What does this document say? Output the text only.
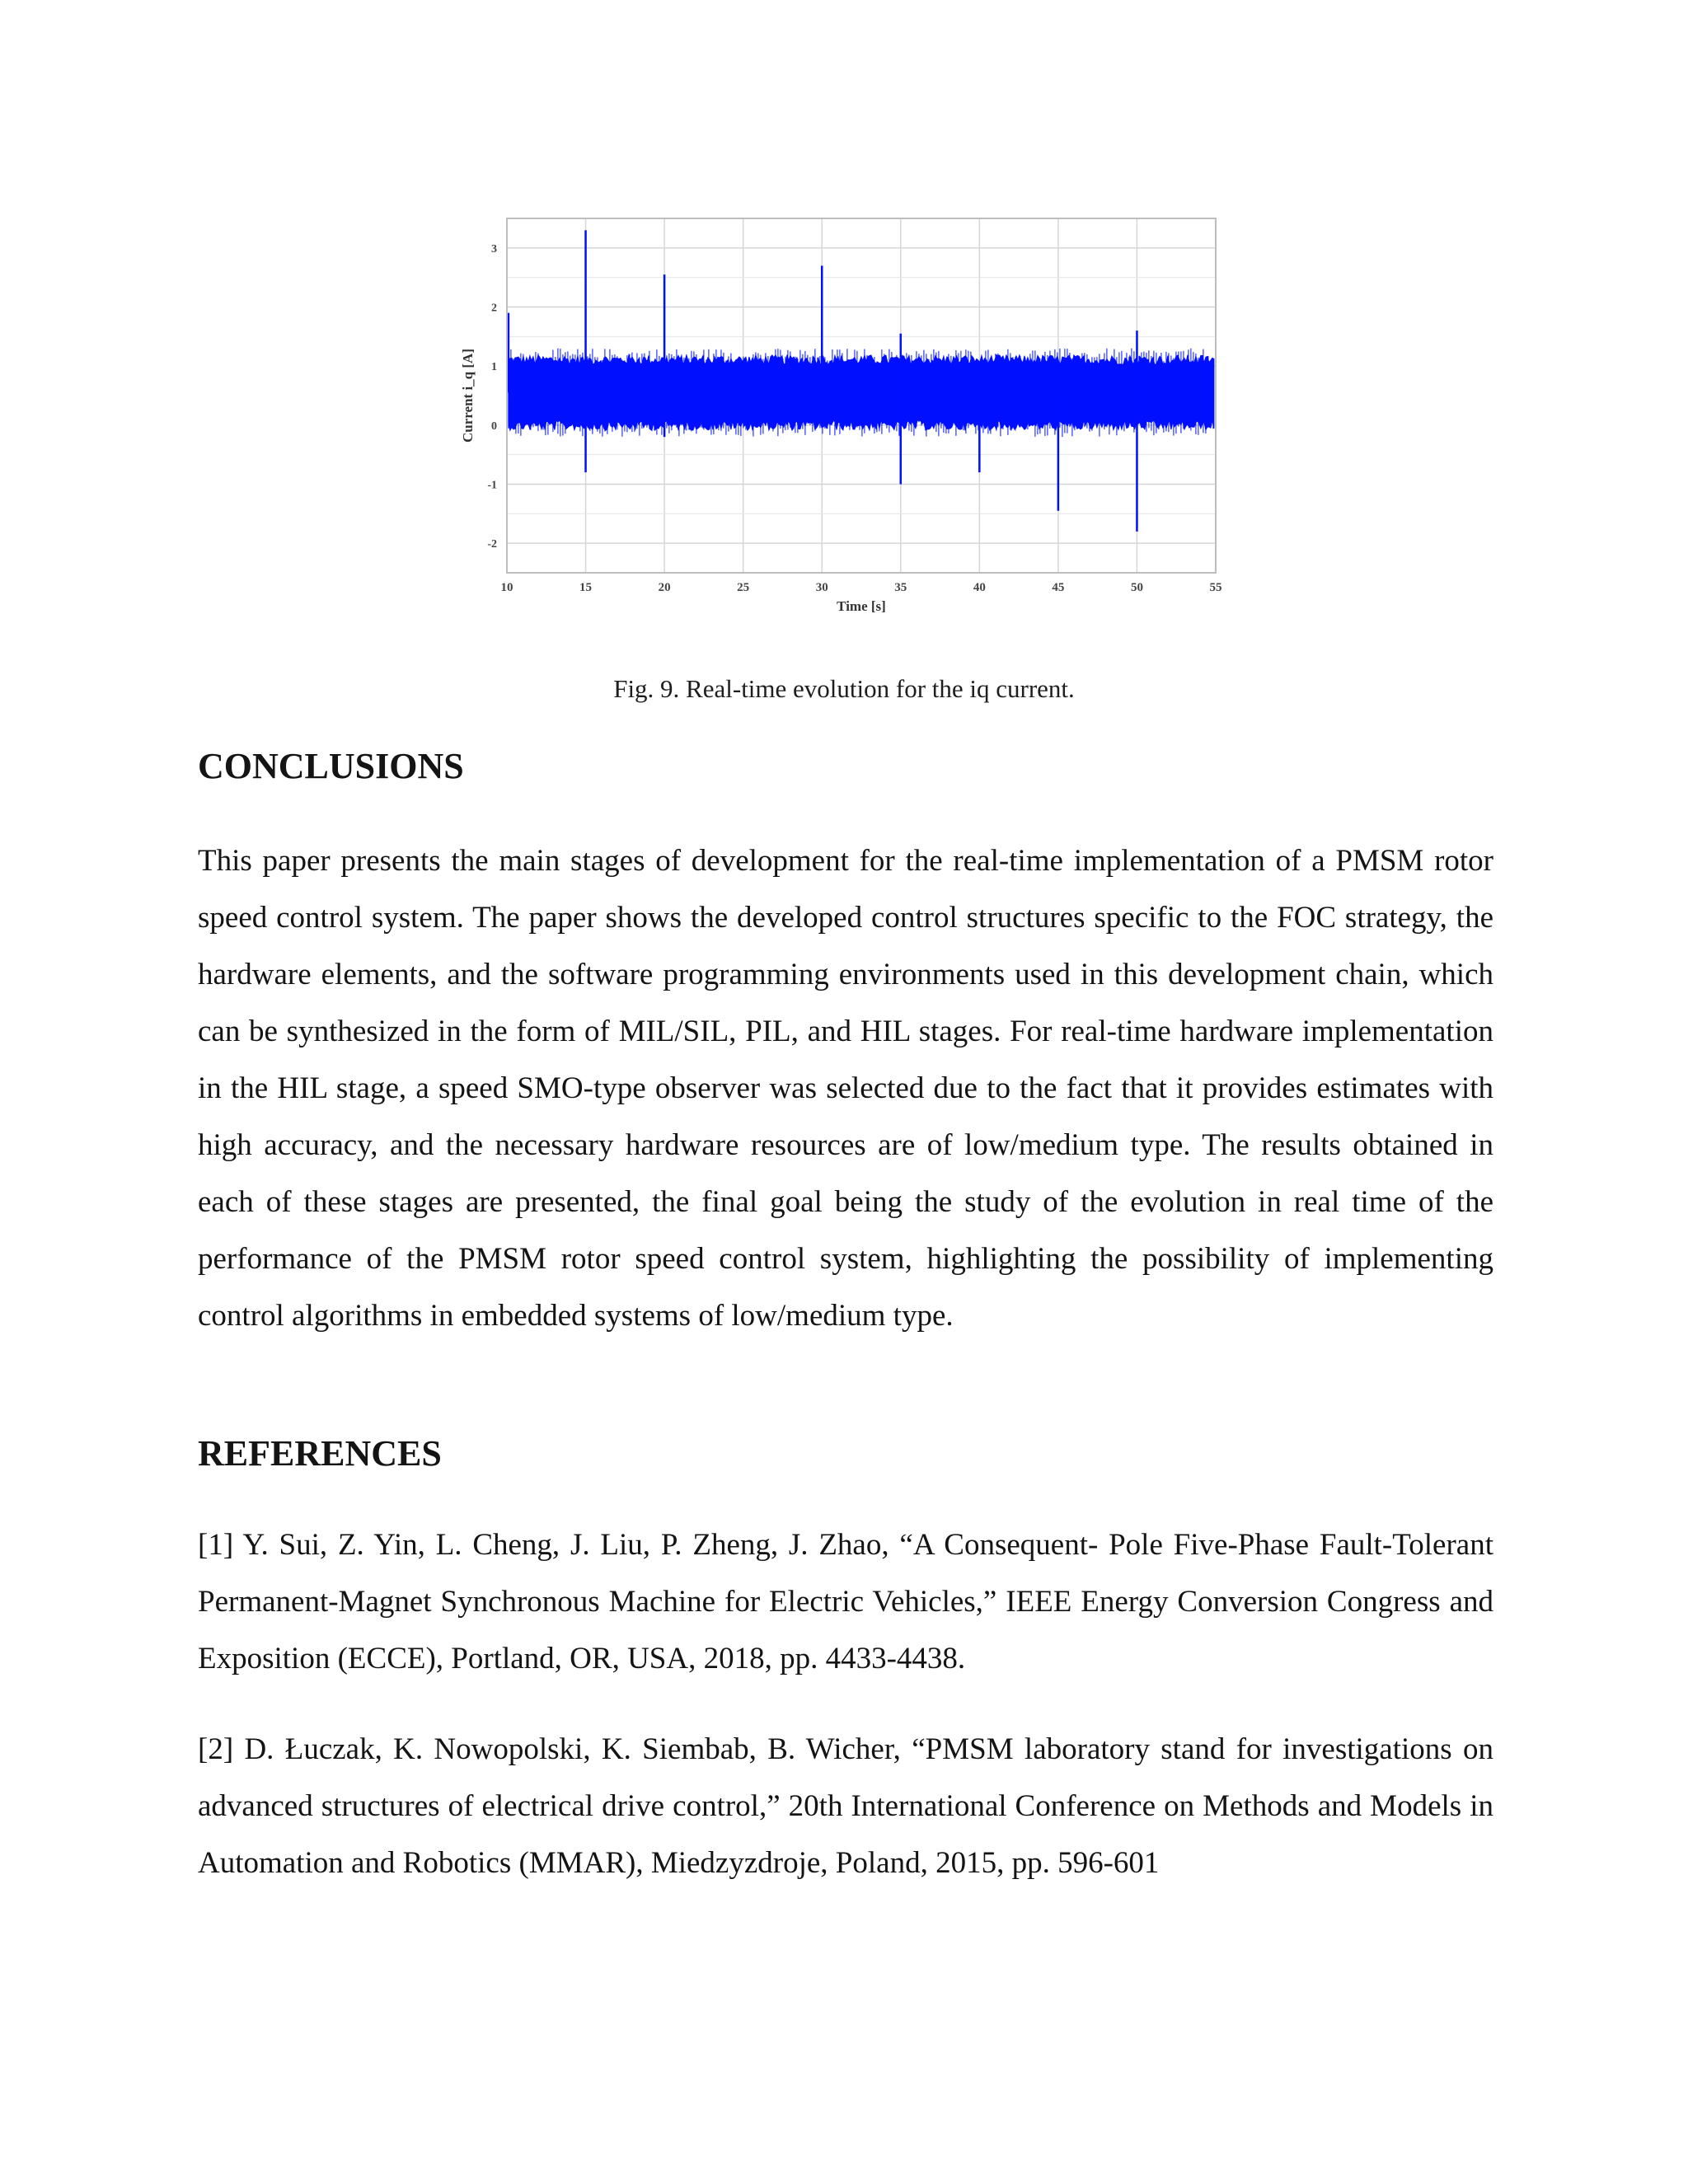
10	15	20	25	30	35	40	45	50	55
3
2
1
0
-1
-2
Time [s]
Current i_q [A]
Fig. 9. Real-time evolution for the iq current.
CONCLUSIONS

This paper presents the main stages of development for the real-time implementation of a PMSM rotor speed control system. The paper shows the developed control structures specific to the FOC strategy, the hardware elements, and the software programming environments used in this development chain, which can be synthesized in the form of MIL/SIL, PIL, and HIL stages. For real-time hardware implementation in the HIL stage, a speed SMO-type observer was selected due to the fact that it provides estimates with high accuracy, and the necessary hardware resources are of low/medium type. The results obtained in each of these stages are presented, the final goal being the study of the evolution in real time of the performance of the PMSM rotor speed control system, highlighting the possibility of implementing control algorithms in embedded systems of low/medium type.

REFERENCES

[1] Y. Sui, Z. Yin, L. Cheng, J. Liu, P. Zheng, J. Zhao, “A Consequent- Pole Five-Phase Fault-Tolerant Permanent-Magnet Synchronous Machine for Electric Vehicles,” IEEE Energy Conversion Congress and Exposition (ECCE), Portland, OR, USA, 2018, pp. 4433-4438.

[2] D. Łuczak, K. Nowopolski, K. Siembab, B. Wicher, “PMSM laboratory stand for investigations on advanced structures of electrical drive control,” 20th International Conference on Methods and Models in Automation and Robotics (MMAR), Miedzyzdroje, Poland, 2015, pp. 596-601
